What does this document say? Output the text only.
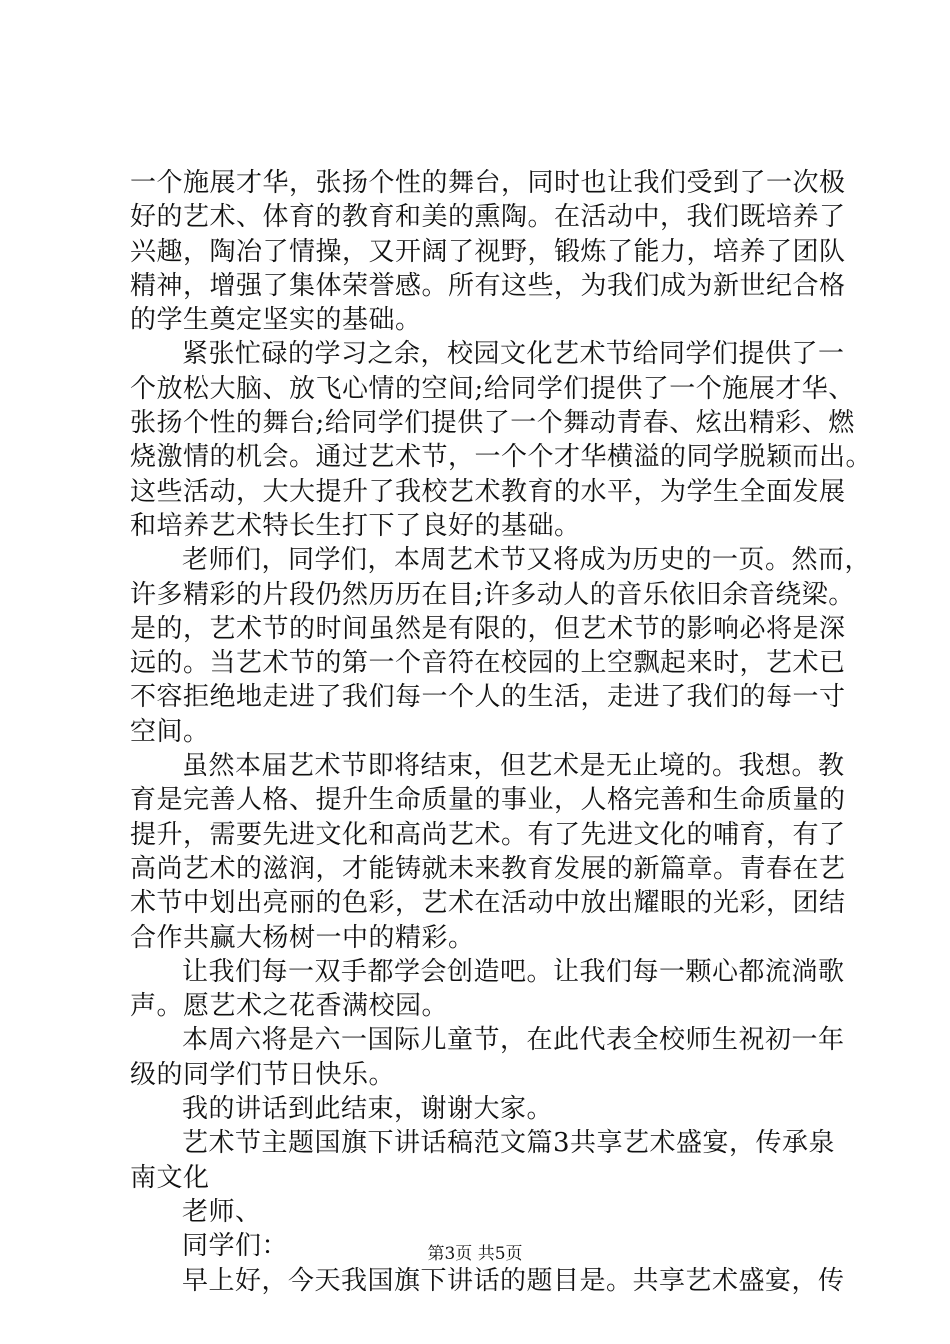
一个施展才华，张扬个性的舞台，同时也让我们受到了一次极
好的艺术、体育的教育和美的熏陶。在活动中，我们既培养了
兴趣，陶冶了情操，又开阔了视野，锻炼了能力，培养了团队
精神，增强了集体荣誉感。所有这些，为我们成为新世纪合格
的学生奠定坚实的基础。
紧张忙碌的学习之余，校园文化艺术节给同学们提供了一
个放松大脑、放飞心情的空间;给同学们提供了一个施展才华、
张扬个性的舞台;给同学们提供了一个舞动青春、炫出精彩、燃
烧激情的机会。通过艺术节，一个个才华横溢的同学脱颖而出。
这些活动，大大提升了我校艺术教育的水平，为学生全面发展
和培养艺术特长生打下了良好的基础。
老师们，同学们，本周艺术节又将成为历史的一页。然而，
许多精彩的片段仍然历历在目;许多动人的音乐依旧余音绕梁。
是的，艺术节的时间虽然是有限的，但艺术节的影响必将是深
远的。当艺术节的第一个音符在校园的上空飘起来时，艺术已
不容拒绝地走进了我们每一个人的生活，走进了我们的每一寸
空间。
虽然本届艺术节即将结束，但艺术是无止境的。我想。教
育是完善人格、提升生命质量的事业，人格完善和生命质量的
提升，需要先进文化和高尚艺术。有了先进文化的哺育，有了
高尚艺术的滋润，才能铸就未来教育发展的新篇章。青春在艺
术节中划出亮丽的色彩，艺术在活动中放出耀眼的光彩，团结
合作共赢大杨树一中的精彩。
让我们每一双手都学会创造吧。让我们每一颗心都流淌歌
声。愿艺术之花香满校园。
本周六将是六一国际儿童节，在此代表全校师生祝初一年
级的同学们节日快乐。
我的讲话到此结束，谢谢大家。
艺术节主题国旗下讲话稿范文篇3共享艺术盛宴，传承泉
南文化
老师、
同学们：
早上好，今天我国旗下讲话的题目是。共享艺术盛宴，传
第3页 共5页
